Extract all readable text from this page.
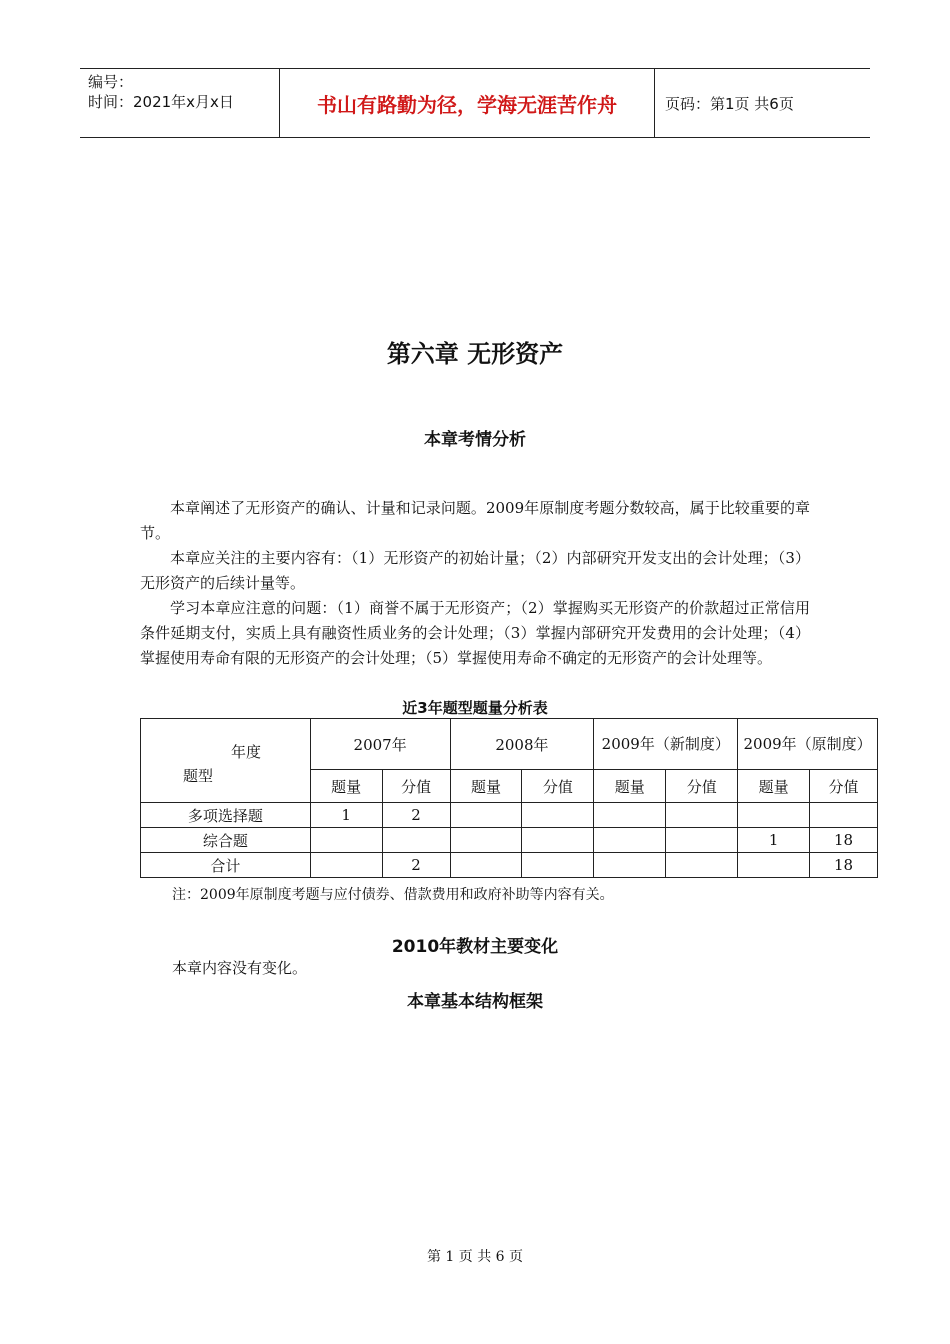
编号：
时间：2021年x月x日	书山有路勤为径，学海无涯苦作舟	页码：第1页 共6页
第六章 无形资产
本章考情分析

本章阐述了无形资产的确认、计量和记录问题。2009年原制度考题分数较高，属于比较重要的章节。

本章应关注的主要内容有：（1）无形资产的初始计量；（2）内部研究开发支出的会计处理；（3）无形资产的后续计量等。

学习本章应注意的问题：（1）商誉不属于无形资产；（2）掌握购买无形资产的价款超过正常信用条件延期支付，实质上具有融资性质业务的会计处理；（3）掌握内部研究开发费用的会计处理；（4）掌握使用寿命有限的无形资产的会计处理；（5）掌握使用寿命不确定的无形资产的会计处理等。

近3年题型题量分析表
年度
题型	2007年		2008年		2009年（新制度）		2009年（原制度）	
	题量	分值	题量	分值	题量	分值	题量	分值
多项选择题	1	2						
综合题							1	18
合计		2						18
注：2009年原制度考题与应付债券、借款费用和政府补助等内容有关。
2010年教材主要变化
本章内容没有变化。
本章基本结构框架
第 1 页 共 6 页
